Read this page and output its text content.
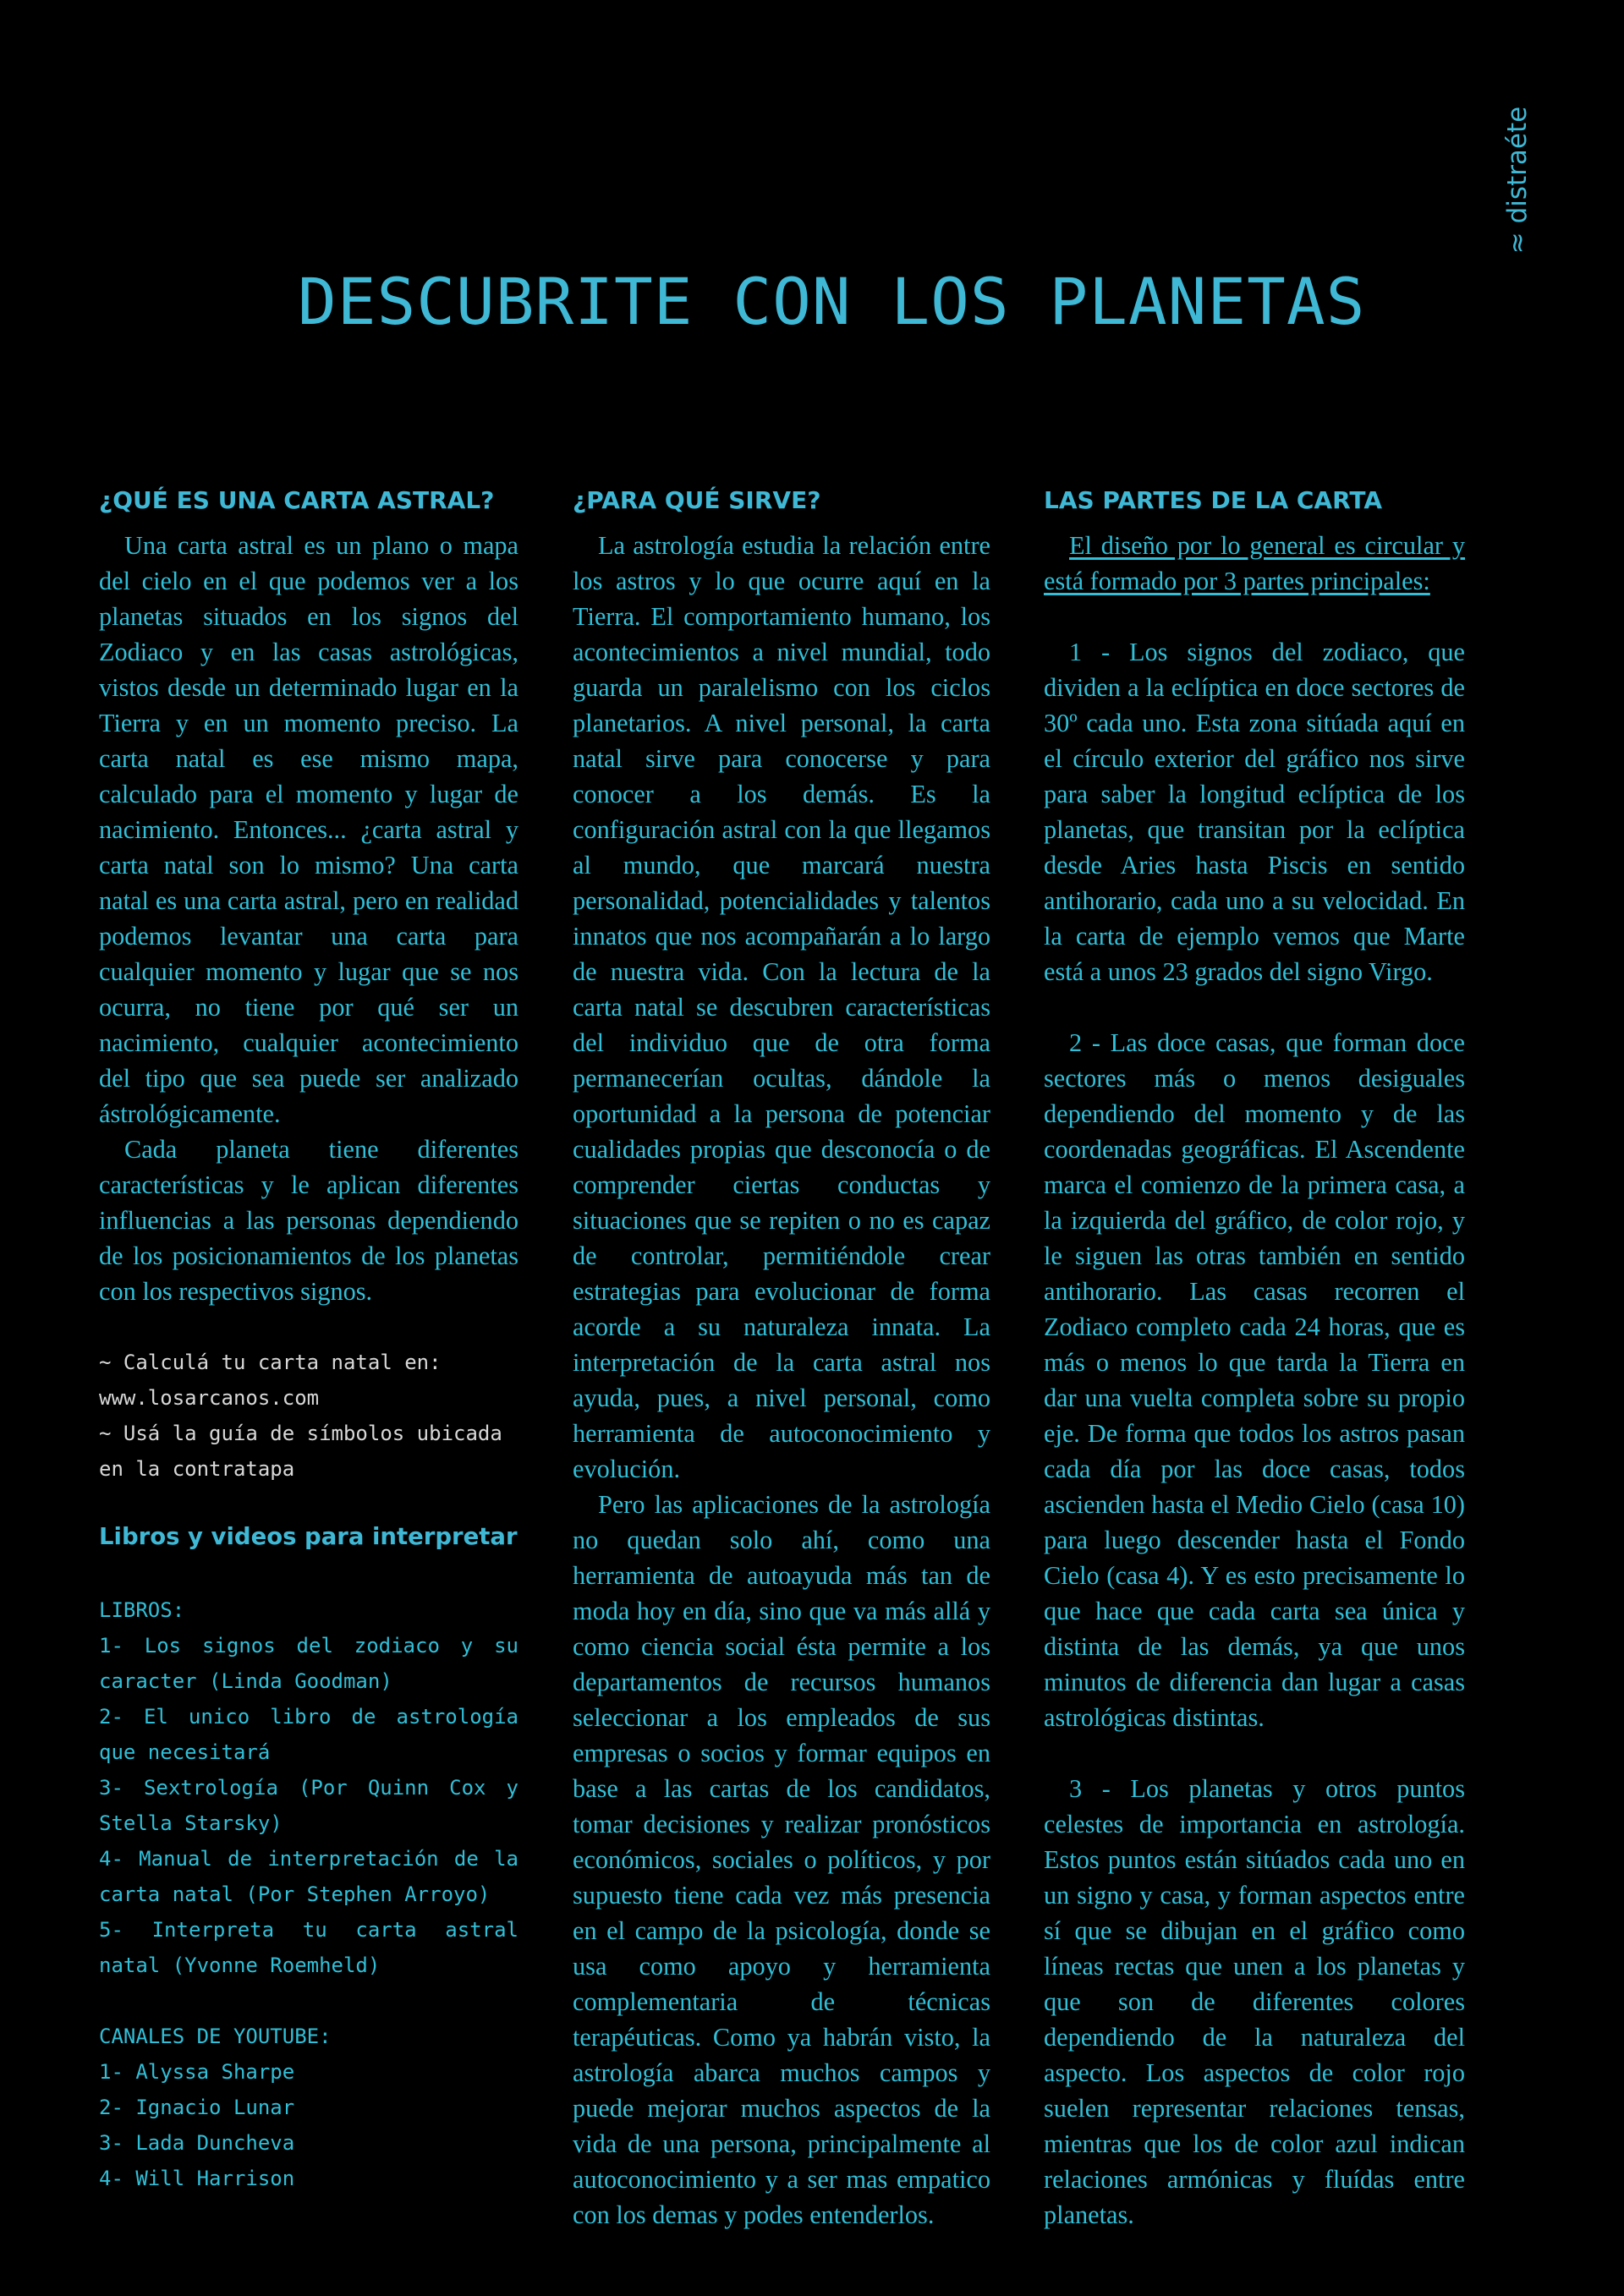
≈ distraéte
DESCUBRITE CON LOS PLANETAS
¿QUÉ ES UNA CARTA ASTRAL?

Una carta astral es un plano o mapa del cielo en el que podemos ver a los planetas situados en los signos del Zodiaco y en las casas astrológicas, vistos desde un determinado lugar en la Tierra y en un momento preciso. La carta natal es ese mismo mapa, calculado para el momento y lugar de nacimiento. Entonces... ¿carta astral y carta natal son lo mismo? Una carta natal es una carta astral, pero en realidad podemos levantar una carta para cualquier momento y lugar que se nos ocurra, no tiene por qué ser un nacimiento, cualquier acontecimiento del tipo que sea puede ser analizado ástrológicamente.

Cada planeta tiene diferentes características y le aplican diferentes influencias a las personas dependiendo de los posicionamientos de los planetas con los respectivos signos.

~ Calculá tu carta natal en:

www.losarcanos.com

~ Usá la guía de símbolos ubicada

en la contratapa

Libros y videos para interpretar

LIBROS:

1- Los signos del zodiaco y su caracter (Linda Goodman)

2- El unico libro de astrología que necesitará

3- Sextrología (Por Quinn Cox y Stella Starsky)

4- Manual de interpretación de la carta natal (Por Stephen Arroyo)

5- Interpreta tu carta astral natal (Yvonne Roemheld)

CANALES DE YOUTUBE:

1- Alyssa Sharpe

2- Ignacio Lunar

3- Lada Duncheva

4- Will Harrison

¿PARA QUÉ SIRVE?

La astrología estudia la relación entre los astros y lo que ocurre aquí en la Tierra. El comportamiento humano, los acontecimientos a nivel mundial, todo guarda un paralelismo con los ciclos planetarios. A nivel personal, la carta natal sirve para conocerse y para conocer a los demás. Es la configuración astral con la que llegamos al mundo, que marcará nuestra personalidad, potencialidades y talentos innatos que nos acompañarán a lo largo de nuestra vida. Con la lectura de la carta natal se descubren características del individuo que de otra forma permanecerían ocultas, dándole la oportunidad a la persona de potenciar cualidades propias que desconocía o de comprender ciertas conductas y situaciones que se repiten o no es capaz de controlar, permitiéndole crear estrategias para evolucionar de forma acorde a su naturaleza innata. La interpretación de la carta astral nos ayuda, pues, a nivel personal, como herramienta de autoconocimiento y evolución.

Pero las aplicaciones de la astrología no quedan solo ahí, como una herramienta de autoayuda más tan de moda hoy en día, sino que va más allá y como ciencia social ésta permite a los departamentos de recursos humanos seleccionar a los empleados de sus empresas o socios y formar equipos en base a las cartas de los candidatos, tomar decisiones y realizar pronósticos económicos, sociales o políticos, y por supuesto tiene cada vez más presencia en el campo de la psicología, donde se usa como apoyo y herramienta complementaria de técnicas terapéuticas. Como ya habrán visto, la astrología abarca muchos campos y puede mejorar muchos aspectos de la vida de una persona, principalmente al autoconocimiento y a ser mas empatico con los demas y podes entenderlos.

LAS PARTES DE LA CARTA

El diseño por lo general es circular y está formado por 3 partes principales:

1 - Los signos del zodiaco, que dividen a la eclíptica en doce sectores de 30º cada uno. Esta zona sitúada aquí en el círculo exterior del gráfico nos sirve para saber la longitud eclíptica de los planetas, que transitan por la eclíptica desde Aries hasta Piscis en sentido antihorario, cada uno a su velocidad. En la carta de ejemplo vemos que Marte está a unos 23 grados del signo Virgo.

2 - Las doce casas, que forman doce sectores más o menos desiguales dependiendo del momento y de las coordenadas geográficas. El Ascendente marca el comienzo de la primera casa, a la izquierda del gráfico, de color rojo, y le siguen las otras también en sentido antihorario. Las casas recorren el Zodiaco completo cada 24 horas, que es más o menos lo que tarda la Tierra en dar una vuelta completa sobre su propio eje. De forma que todos los astros pasan cada día por las doce casas, todos ascienden hasta el Medio Cielo (casa 10) para luego descender hasta el Fondo Cielo (casa 4). Y es esto precisamente lo que hace que cada carta sea única y distinta de las demás, ya que unos minutos de diferencia dan lugar a casas astrológicas distintas.

3 - Los planetas y otros puntos celestes de importancia en astrología. Estos puntos están sitúados cada uno en un signo y casa, y forman aspectos entre sí que se dibujan en el gráfico como líneas rectas que unen a los planetas y que son de diferentes colores dependiendo de la naturaleza del aspecto. Los aspectos de color rojo suelen representar relaciones tensas, mientras que los de color azul indican relaciones armónicas y fluídas entre planetas.
